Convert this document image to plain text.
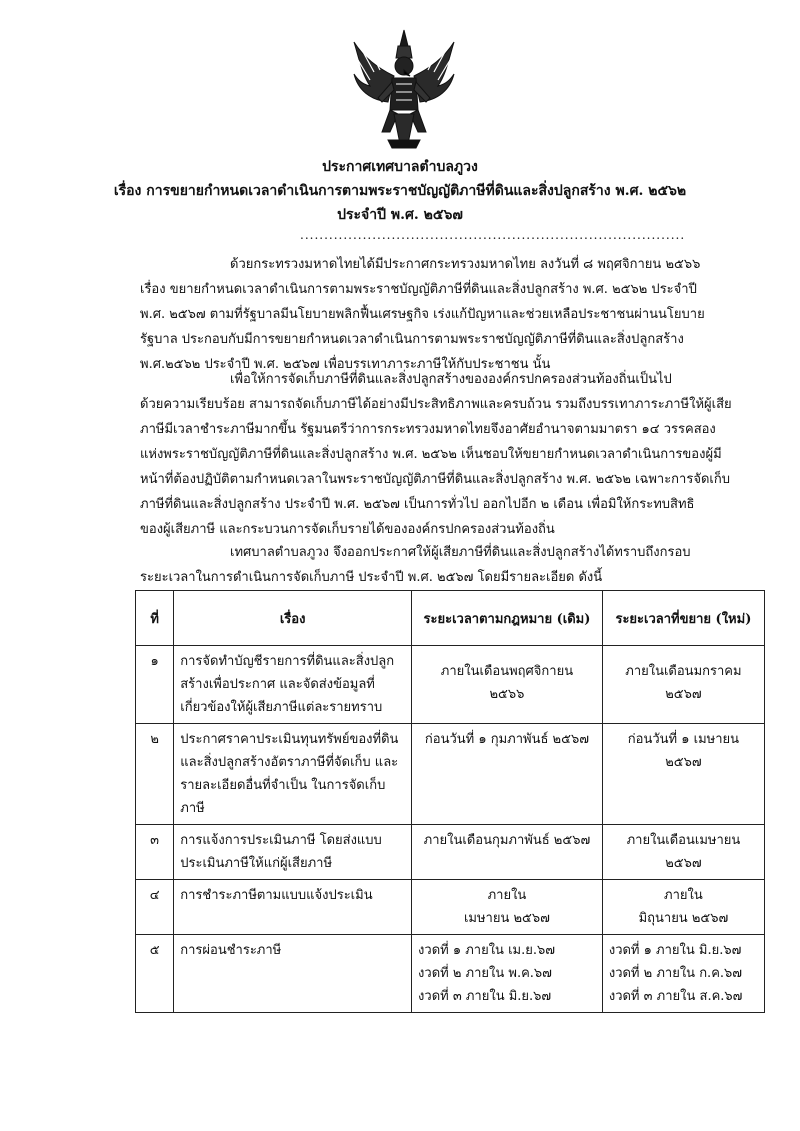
ประกาศเทศบาลตำบลภูวง
เรื่อง การขยายกำหนดเวลาดำเนินการตามพระราชบัญญัติภาษีที่ดินและสิ่งปลูกสร้าง พ.ศ. ๒๕๖๒
ประจำปี พ.ศ. ๒๕๖๗
................................................................................
ด้วยกระทรวงมหาดไทยได้มีประกาศกระทรวงมหาดไทย ลงวันที่ ๘ พฤศจิกายน ๒๕๖๖
เรื่อง ขยายกำหนดเวลาดำเนินการตามพระราชบัญญัติภาษีที่ดินและสิ่งปลูกสร้าง พ.ศ. ๒๕๖๒ ประจำปี
พ.ศ. ๒๕๖๗ ตามที่รัฐบาลมีนโยบายพลิกฟื้นเศรษฐกิจ เร่งแก้ปัญหาและช่วยเหลือประชาชนผ่านนโยบาย
รัฐบาล ประกอบกับมีการขยายกำหนดเวลาดำเนินการตามพระราชบัญญัติภาษีที่ดินและสิ่งปลูกสร้าง
พ.ศ.๒๕๖๒ ประจำปี พ.ศ. ๒๕๖๗ เพื่อบรรเทาภาระภาษีให้กับประชาชน นั้น
เพื่อให้การจัดเก็บภาษีที่ดินและสิ่งปลูกสร้างขององค์กรปกครองส่วนท้องถิ่นเป็นไป
ด้วยความเรียบร้อย สามารถจัดเก็บภาษีได้อย่างมีประสิทธิภาพและครบถ้วน รวมถึงบรรเทาภาระภาษีให้ผู้เสีย
ภาษีมีเวลาชำระภาษีมากขึ้น รัฐมนตรีว่าการกระทรวงมหาดไทยจึงอาศัยอำนาจตามมาตรา ๑๔ วรรคสอง
แห่งพระราชบัญญัติภาษีที่ดินและสิ่งปลูกสร้าง พ.ศ. ๒๕๖๒ เห็นชอบให้ขยายกำหนดเวลาดำเนินการของผู้มี
หน้าที่ต้องปฏิบัติตามกำหนดเวลาในพระราชบัญญัติภาษีที่ดินและสิ่งปลูกสร้าง พ.ศ. ๒๕๖๒ เฉพาะการจัดเก็บ
ภาษีที่ดินและสิ่งปลูกสร้าง ประจำปี พ.ศ. ๒๕๖๗ เป็นการทั่วไป ออกไปอีก ๒ เดือน เพื่อมิให้กระทบสิทธิ
ของผู้เสียภาษี และกระบวนการจัดเก็บรายได้ขององค์กรปกครองส่วนท้องถิ่น
เทศบาลตำบลภูวง จึงออกประกาศให้ผู้เสียภาษีที่ดินและสิ่งปลูกสร้างได้ทราบถึงกรอบ
ระยะเวลาในการดำเนินการจัดเก็บภาษี ประจำปี พ.ศ. ๒๕๖๗ โดยมีรายละเอียด ดังนี้
ที่	เรื่อง	ระยะเวลาตามกฎหมาย (เดิม)	ระยะเวลาที่ขยาย (ใหม่)
๑	การจัดทำบัญชีรายการที่ดินและสิ่งปลูก
สร้างเพื่อประกาศ และจัดส่งข้อมูลที่
เกี่ยวข้องให้ผู้เสียภาษีแต่ละรายทราบ	ภายในเดือนพฤศจิกายน
๒๕๖๖	ภายในเดือนมกราคม
๒๕๖๗

๒	ประกาศราคาประเมินทุนทรัพย์ของที่ดิน
และสิ่งปลูกสร้างอัตราภาษีที่จัดเก็บ และ
รายละเอียดอื่นที่จำเป็น ในการจัดเก็บ
ภาษี	ก่อนวันที่ ๑ กุมภาพันธ์ ๒๕๖๗	ก่อนวันที่ ๑ เมษายน
๒๕๖๗

๓	การแจ้งการประเมินภาษี โดยส่งแบบ
ประเมินภาษีให้แก่ผู้เสียภาษี	ภายในเดือนกุมภาพันธ์ ๒๕๖๗	ภายในเดือนเมษายน
๒๕๖๗

๔	การชำระภาษีตามแบบแจ้งประเมิน	ภายใน
เมษายน ๒๕๖๗	ภายใน
มิถุนายน ๒๕๖๗

๕	การผ่อนชำระภาษี	งวดที่ ๑ ภายใน เม.ย.๖๗
งวดที่ ๒ ภายใน พ.ค.๖๗
งวดที่ ๓ ภายใน มิ.ย.๖๗	งวดที่ ๑ ภายใน มิ.ย.๖๗
งวดที่ ๒ ภายใน ก.ค.๖๗
งวดที่ ๓ ภายใน ส.ค.๖๗
